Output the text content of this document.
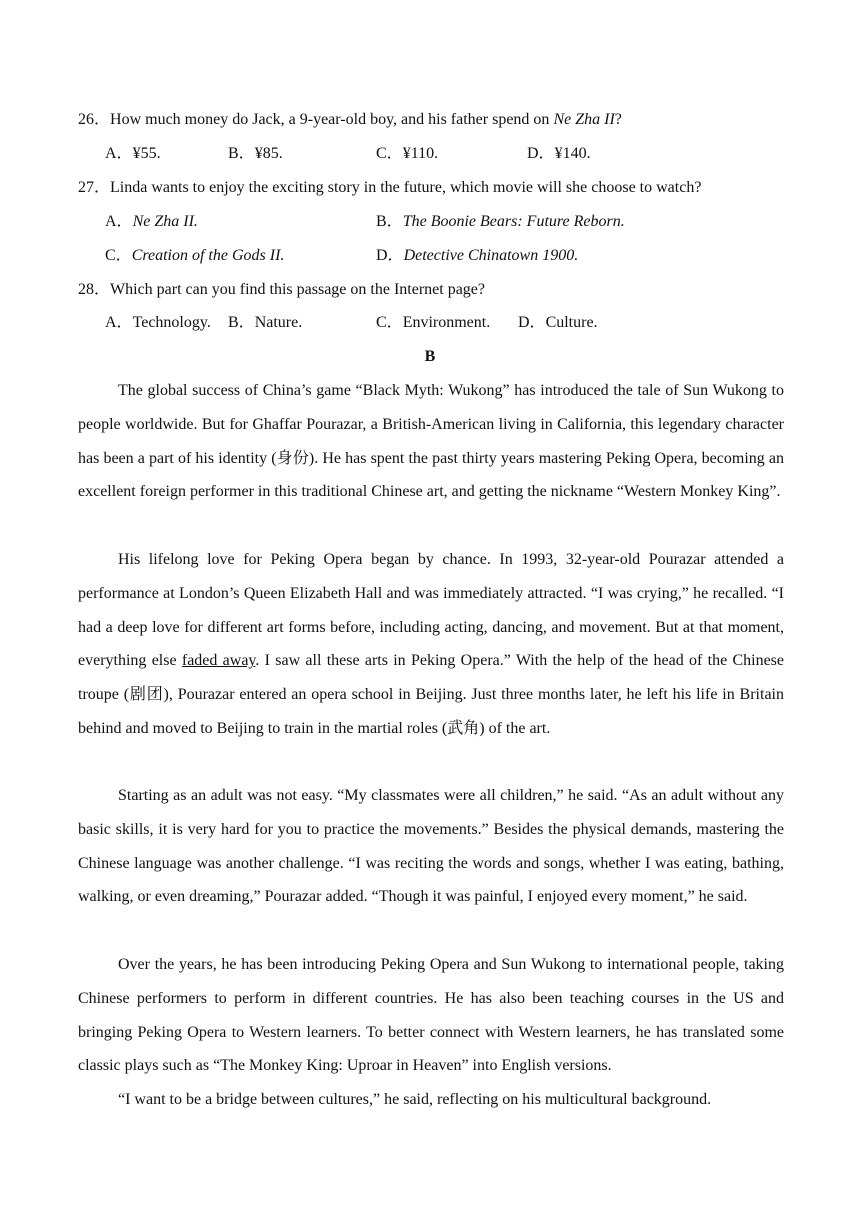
26．How much money do Jack, a 9-year-old boy, and his father spend on Ne Zha II?
A．¥55.	B．¥85.	C．¥110.	D．¥140.
27．Linda wants to enjoy the exciting story in the future, which movie will she choose to watch?
A．Ne Zha II.	B．The Boonie Bears: Future Reborn.
C．Creation of the Gods II.	D．Detective Chinatown 1900.
28．Which part can you find this passage on the Internet page?
A．Technology. B．Nature.	C．Environment. D．Culture.
B
The global success of China’s game “Black Myth: Wukong” has introduced the tale of Sun Wukong to people worldwide. But for Ghaffar Pourazar, a British-American living in California, this legendary character has been a part of his identity (身份). He has spent the past thirty years mastering Peking Opera, becoming an excellent foreign performer in this traditional Chinese art, and getting the nickname “Western Monkey King”.
His lifelong love for Peking Opera began by chance. In 1993, 32-year-old Pourazar attended a performance at London’s Queen Elizabeth Hall and was immediately attracted. “I was crying,” he recalled. “I had a deep love for different art forms before, including acting, dancing, and movement. But at that moment, everything else faded away. I saw all these arts in Peking Opera.” With the help of the head of the Chinese troupe (剧团), Pourazar entered an opera school in Beijing. Just three months later, he left his life in Britain behind and moved to Beijing to train in the martial roles (武角) of the art.
Starting as an adult was not easy. “My classmates were all children,” he said. “As an adult without any basic skills, it is very hard for you to practice the movements.” Besides the physical demands, mastering the Chinese language was another challenge. “I was reciting the words and songs, whether I was eating, bathing, walking, or even dreaming,” Pourazar added. “Though it was painful, I enjoyed every moment,” he said.
Over the years, he has been introducing Peking Opera and Sun Wukong to international people, taking Chinese performers to perform in different countries. He has also been teaching courses in the US and bringing Peking Opera to Western learners. To better connect with Western learners, he has translated some classic plays such as “The Monkey King: Uproar in Heaven” into English versions.
“I want to be a bridge between cultures,” he said, reflecting on his multicultural background.
